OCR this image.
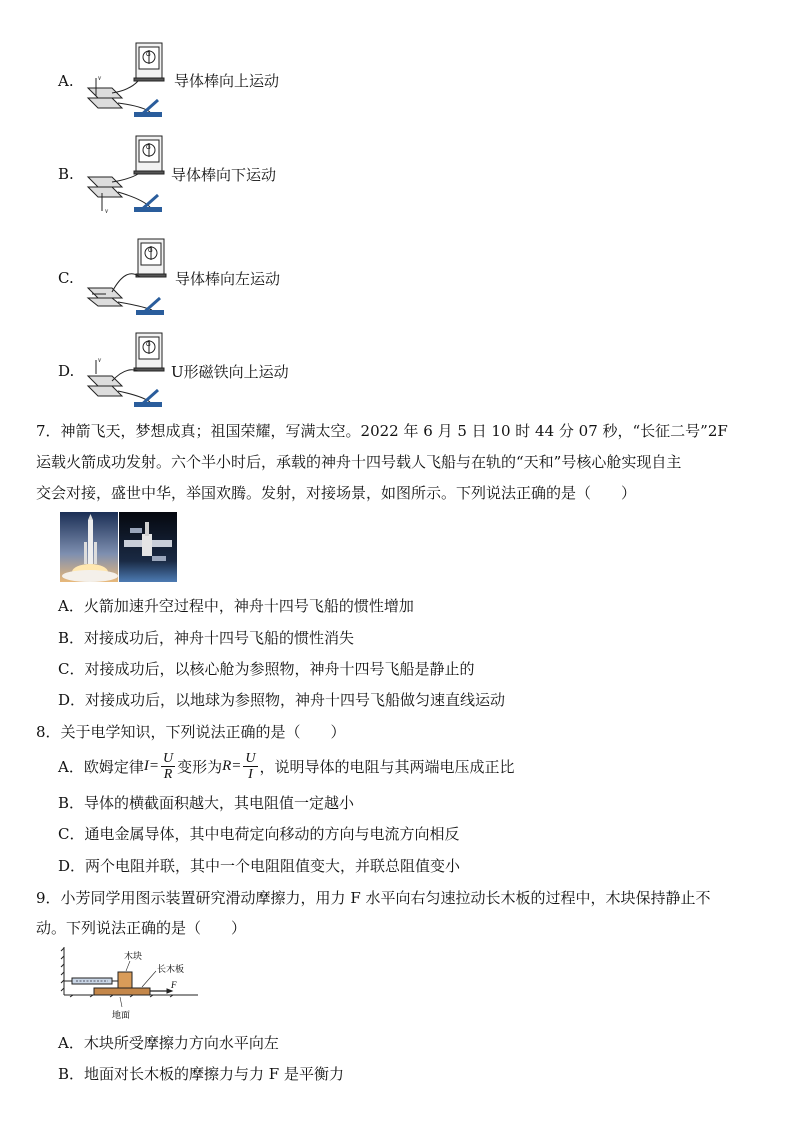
A.
B.
C.
D.
导体棒向上运动
导体棒向下运动
导体棒向左运动
U形磁铁向上运动
v
G
v
G
G
v
G
7．神箭飞天，梦想成真；祖国荣耀，写满太空。2022 年 6 月 5 日 10 时 44 分 07 秒，“长征二号”2F
运载火箭成功发射。六个半小时后，承载的神舟十四号载人飞船与在轨的“天和”号核心舱实现自主
交会对接，盛世中华，举国欢腾。发射，对接场景，如图所示。下列说法正确的是（　　）
A．火箭加速升空过程中，神舟十四号飞船的惯性增加
B．对接成功后，神舟十四号飞船的惯性消失
C．对接成功后，以核心舱为参照物，神舟十四号飞船是静止的
D．对接成功后，以地球为参照物，神舟十四号飞船做匀速直线运动
8．关于电学知识，下列说法正确的是（　　）
A．欧姆定律 $I= \frac{U}{R}$ 变形为 $R= \frac{U}{I}$ ，说明导体的电阻与其两端电压成正比
B．导体的横截面积越大，其电阻值一定越小
C．通电金属导体，其中电荷定向移动的方向与电流方向相反
D．两个电阻并联，其中一个电阻阻值变大，并联总阻值变小
9．小芳同学用图示装置研究滑动摩擦力，用力 F 水平向右匀速拉动长木板的过程中，木块保持静止不
动。下列说法正确的是（　　）
木块
长木板
F
地面
A．木块所受摩擦力方向水平向左
B．地面对长木板的摩擦力与力 F 是平衡力
